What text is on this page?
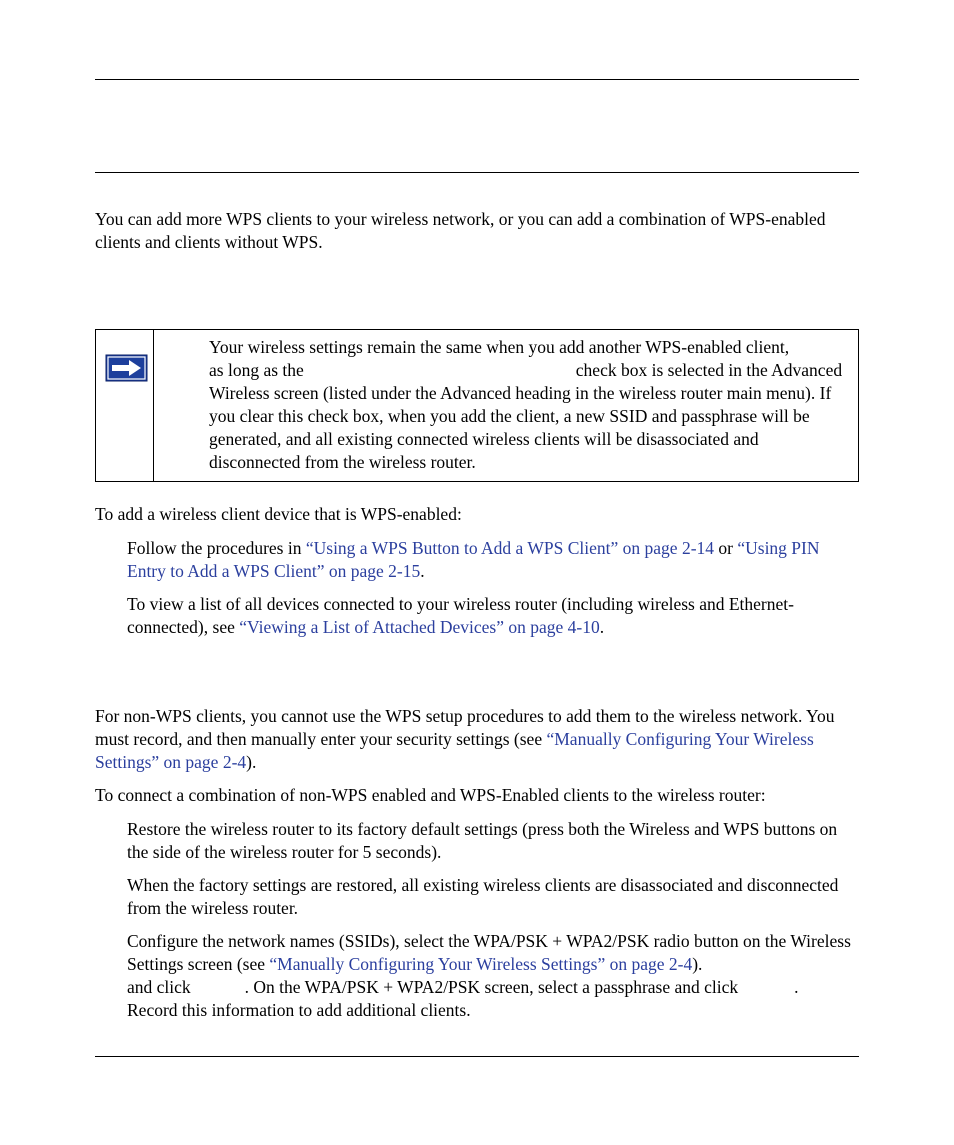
You can add more WPS clients to your wireless network, or you can add a combination of WPS-enabled clients and clients without WPS.

Your wireless settings remain the same when you add another WPS-enabled client,
as long as the	check box is selected in the Advanced Wireless screen (listed under the Advanced heading in the wireless router main menu). If you clear this check box, when you add the client, a new SSID and passphrase will be generated, and all existing connected wireless clients will be disassociated and disconnected from the wireless router.

To add a wireless client device that is WPS-enabled:

Follow the procedures in “Using a WPS Button to Add a WPS Client” on page 2-14 or “Using PIN Entry to Add a WPS Client” on page 2-15.

To view a list of all devices connected to your wireless router (including wireless and Ethernet-connected), see “Viewing a List of Attached Devices” on page 4-10.

For non-WPS clients, you cannot use the WPS setup procedures to add them to the wireless network. You must record, and then manually enter your security settings (see “Manually Configuring Your Wireless Settings” on page 2-4).

To connect a combination of non-WPS enabled and WPS-Enabled clients to the wireless router:

Restore the wireless router to its factory default settings (press both the Wireless and WPS buttons on the side of the wireless router for 5 seconds).

When the factory settings are restored, all existing wireless clients are disassociated and disconnected from the wireless router.

Configure the network names (SSIDs), select the WPA/PSK + WPA2/PSK radio button on the Wireless Settings screen (see “Manually Configuring Your Wireless Settings” on page 2-4).
and click	. On the WPA/PSK + WPA2/PSK screen, select a passphrase and click	.
Record this information to add additional clients.
